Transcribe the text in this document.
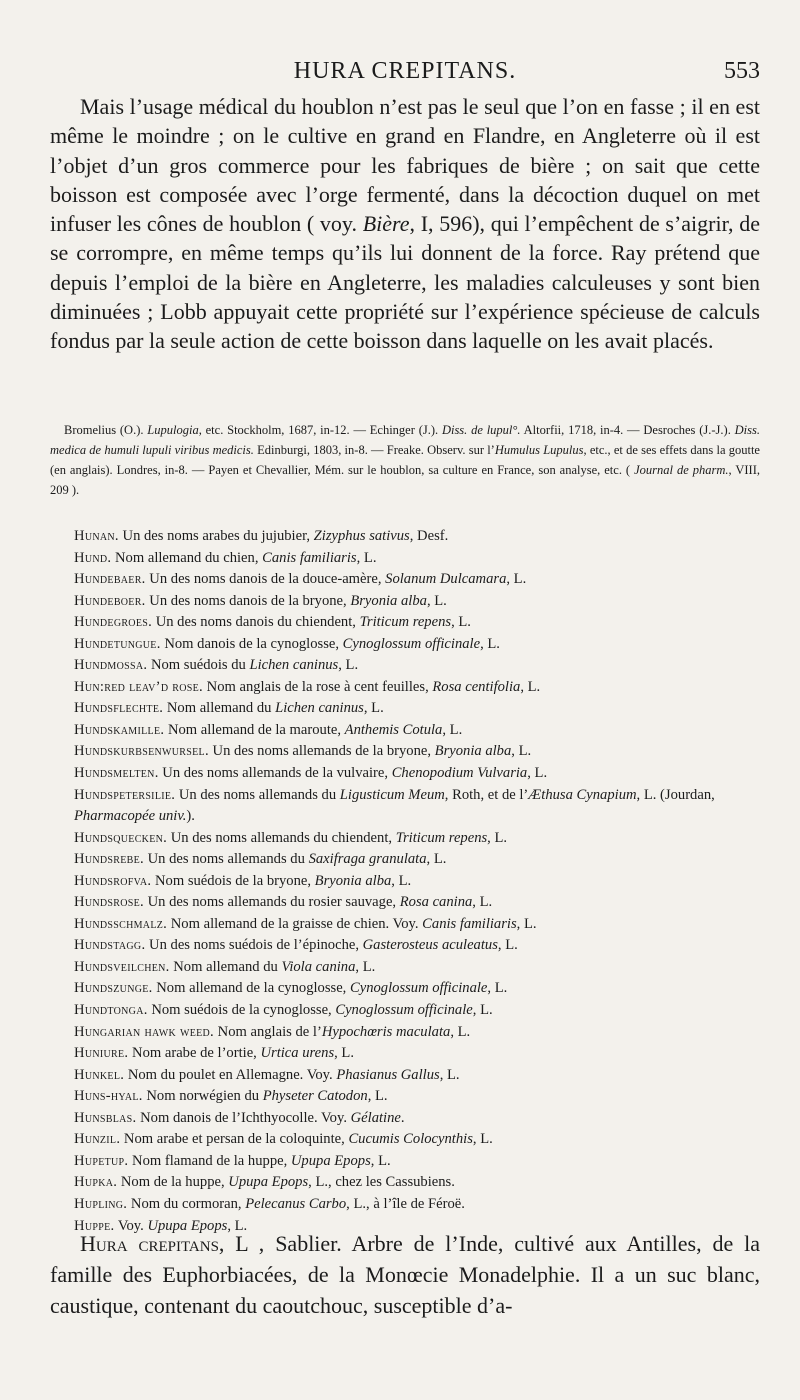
HURA CREPITANS.	553

Mais l’usage médical du houblon n’est pas le seul que l’on en fasse ; il en est même le moindre ; on le cultive en grand en Flandre, en Angleterre où il est l’objet d’un gros commerce pour les fabriques de bière ; on sait que cette boisson est composée avec l’orge fermenté, dans la décoction duquel on met infuser les cônes de houblon ( voy. Bière, I, 596), qui l’empêchent de s’aigrir, de se corrompre, en même temps qu’ils lui donnent de la force. Ray prétend que depuis l’emploi de la bière en Angleterre, les maladies calculeuses y sont bien diminuées ; Lobb appuyait cette propriété sur l’expérience spécieuse de calculs fondus par la seule action de cette boisson dans laquelle on les avait placés.

Bromelius (O.). Lupulogia, etc. Stockholm, 1687, in-12. — Echinger (J.). Diss. de lupul°. Altorfii, 1718, in-4. — Desroches (J.-J.). Diss. medica de humuli lupuli viribus medicis. Edinburgi, 1803, in-8. — Freake. Observ. sur l’Humulus Lupulus, etc., et de ses effets dans la goutte (en anglais). Londres, in-8. — Payen et Chevallier, Mém. sur le houblon, sa culture en France, son analyse, etc. ( Journal de pharm., VIII, 209 ).

Hunan. Un des noms arabes du jujubier, Zizyphus sativus, Desf.

Hund. Nom allemand du chien, Canis familiaris, L.

Hundebaer. Un des noms danois de la douce-amère, Solanum Dulcamara, L.

Hundeboer. Un des noms danois de la bryone, Bryonia alba, L.

Hundegroes. Un des noms danois du chiendent, Triticum repens, L.

Hundetungue. Nom danois de la cynoglosse, Cynoglossum officinale, L.

Hundmossa. Nom suédois du Lichen caninus, L.

Hun:red leav’d rose. Nom anglais de la rose à cent feuilles, Rosa centifolia, L.

Hundsflechte. Nom allemand du Lichen caninus, L.

Hundskamille. Nom allemand de la maroute, Anthemis Cotula, L.

Hundskurbsenwursel. Un des noms allemands de la bryone, Bryonia alba, L.

Hundsmelten. Un des noms allemands de la vulvaire, Chenopodium Vulvaria, L.

Hundspetersilie. Un des noms allemands du Ligusticum Meum, Roth, et de l’Æthusa Cynapium, L. (Jourdan, Pharmacopée univ.).

Hundsquecken. Un des noms allemands du chiendent, Triticum repens, L.

Hundsrebe. Un des noms allemands du Saxifraga granulata, L.

Hundsrofva. Nom suédois de la bryone, Bryonia alba, L.

Hundsrose. Un des noms allemands du rosier sauvage, Rosa canina, L.

Hundsschmalz. Nom allemand de la graisse de chien. Voy. Canis familiaris, L.

Hundstagg. Un des noms suédois de l’épinoche, Gasterosteus aculeatus, L.

Hundsveilchen. Nom allemand du Viola canina, L.

Hundszunge. Nom allemand de la cynoglosse, Cynoglossum officinale, L.

Hundtonga. Nom suédois de la cynoglosse, Cynoglossum officinale, L.

Hungarian hawk weed. Nom anglais de l’Hypochœris maculata, L.

Huniure. Nom arabe de l’ortie, Urtica urens, L.

Hunkel. Nom du poulet en Allemagne. Voy. Phasianus Gallus, L.

Huns-hyal. Nom norwégien du Physeter Catodon, L.

Hunsblas. Nom danois de l’Ichthyocolle. Voy. Gélatine.

Hunzil. Nom arabe et persan de la coloquinte, Cucumis Colocynthis, L.

Hupetup. Nom flamand de la huppe, Upupa Epops, L.

Hupka. Nom de la huppe, Upupa Epops, L., chez les Cassubiens.

Hupling. Nom du cormoran, Pelecanus Carbo, L., à l’île de Féroë.

Huppe. Voy. Upupa Epops, L.

Hura crepitans, L , Sablier. Arbre de l’Inde, cultivé aux Antilles, de la famille des Euphorbiacées, de la Monœcie Monadelphie. Il a un suc blanc, caustique, contenant du caoutchouc, susceptible d’a-
